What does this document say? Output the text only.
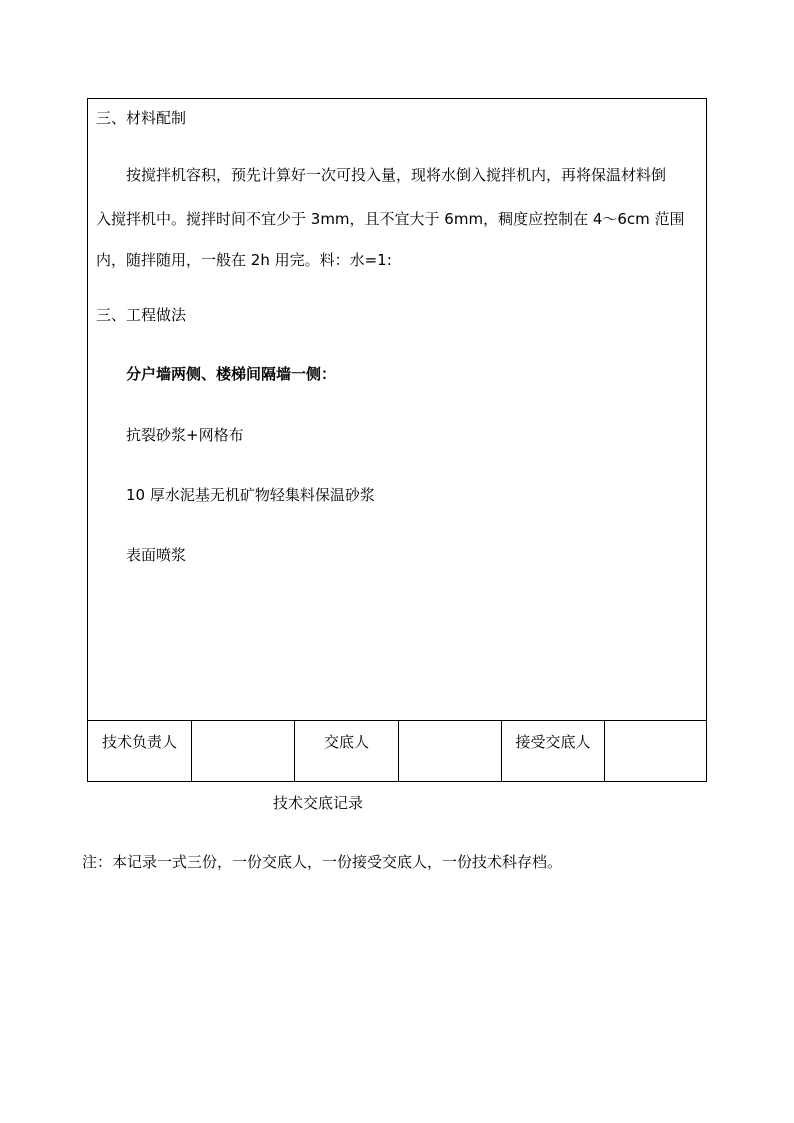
三、材料配制
按搅拌机容积，预先计算好一次可投入量，现将水倒入搅拌机内，再将保温材料倒
入搅拌机中。搅拌时间不宜少于 3mm，且不宜大于 6mm，稠度应控制在 4～6cm 范围
内，随拌随用，一般在 2h 用完。料：水=1:
三、工程做法
分户墙两侧、楼梯间隔墙一侧：
抗裂砂浆+网格布
10 厚水泥基无机矿物轻集料保温砂浆
表面喷浆
技术负责人	交底人	接受交底人
技术交底记录
注：本记录一式三份，一份交底人，一份接受交底人，一份技术科存档。
